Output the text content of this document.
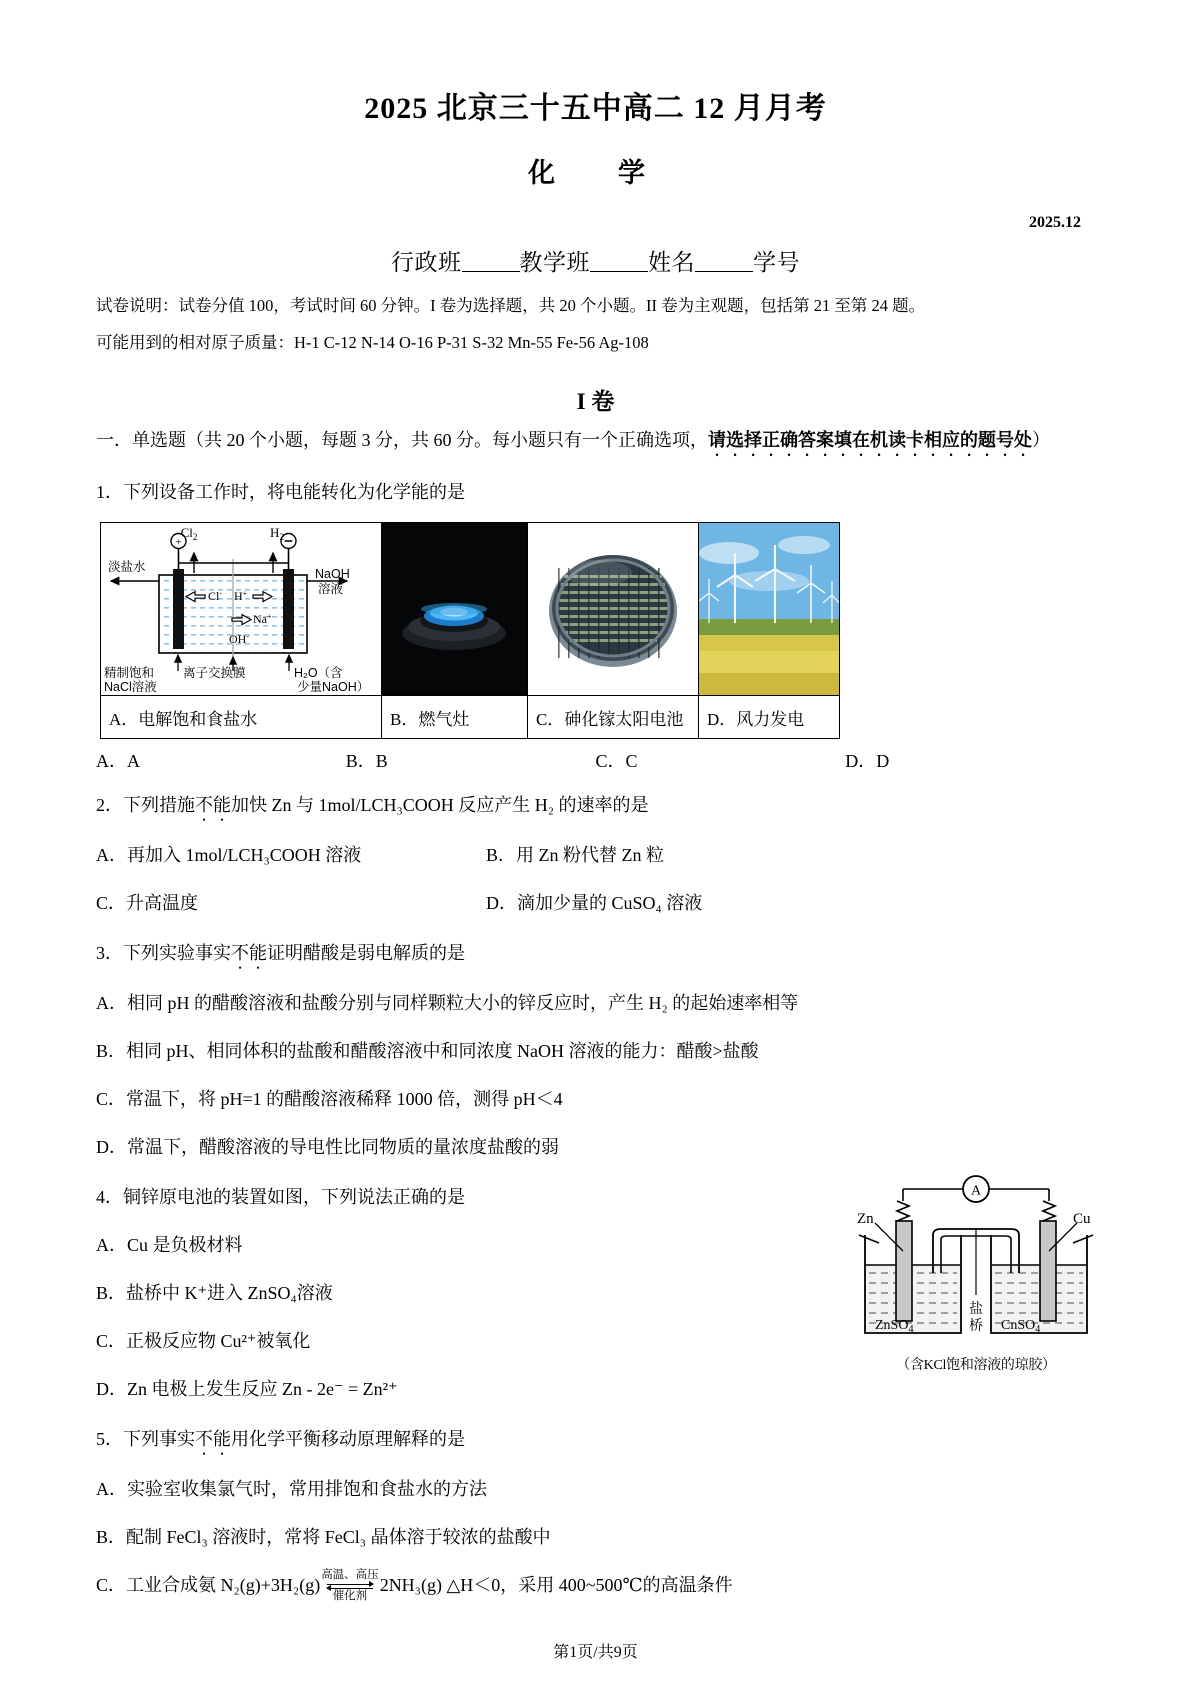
2025 北京三十五中高二 12 月月考
化　学
2025.12
行政班	教学班	姓名	学号
试卷说明：试卷分值 100，考试时间 60 分钟。I 卷为选择题，共 20 个小题。II 卷为主观题，包括第 21 至第 24 题。
可能用到的相对原子质量：H-1 C-12 N-14 O-16 P-31 S-32 Mn-55 Fe-56 Ag-108
I 卷
一．单选题（共 20 个小题，每题 3 分，共 60 分。每小题只有一个正确选项，请选择正确答案填在机读卡相应的题号处）
1．下列设备工作时，将电能转化为化学能的是
+
$Cl_2$	$H_2$
淡盐水	NaOH
溶液
Cl- H+
Na+
OH-
精制饱和
NaCl溶液
离子交换膜	H₂O（含
少量NaOH）

A．电解饱和食盐水	B．燃气灶	C．砷化镓太阳电池	D．风力发电
A．A	B．B	C．C	D．D
2．下列措施不能加快 Zn 与 1mol/LCH₃COOH 反应产生 H₂ 的速率的是
A．再加入 1mol/LCH₃COOH 溶液	B．用 Zn 粉代替 Zn 粒
C．升高温度	D．滴加少量的 CuSO₄ 溶液
3．下列实验事实不能证明醋酸是弱电解质的是
A．相同 pH 的醋酸溶液和盐酸分别与同样颗粒大小的锌反应时，产生 H₂ 的起始速率相等
B．相同 pH、相同体积的盐酸和醋酸溶液中和同浓度 NaOH 溶液的能力：醋酸>盐酸
C．常温下，将 pH=1 的醋酸溶液稀释 1000 倍，测得 pH＜4
D．常温下，醋酸溶液的导电性比同物质的量浓度盐酸的弱
A
Zn	Cu
ZnSO$_4$	CnSO$_4$
盐
桥
（含KCl饱和溶液的琼胶）
4．铜锌原电池的装置如图，下列说法正确的是
A．Cu 是负极材料
B．盐桥中 K⁺进入 ZnSO₄溶液
C．正极反应物 Cu²⁺被氧化
D．Zn 电极上发生反应 Zn - 2e⁻ = Zn²⁺
5．下列事实不能用化学平衡移动原理解释的是
A．实验室收集氯气时，常用排饱和食盐水的方法
B．配制 FeCl₃ 溶液时，常将 FeCl₃ 晶体溶于较浓的盐酸中
C．工业合成氨 N₂(g)+3H₂(g) 高温、高压
催化剂
2NH₃(g) △H＜0，采用 400~500℃的高温条件
第1页/共9页
